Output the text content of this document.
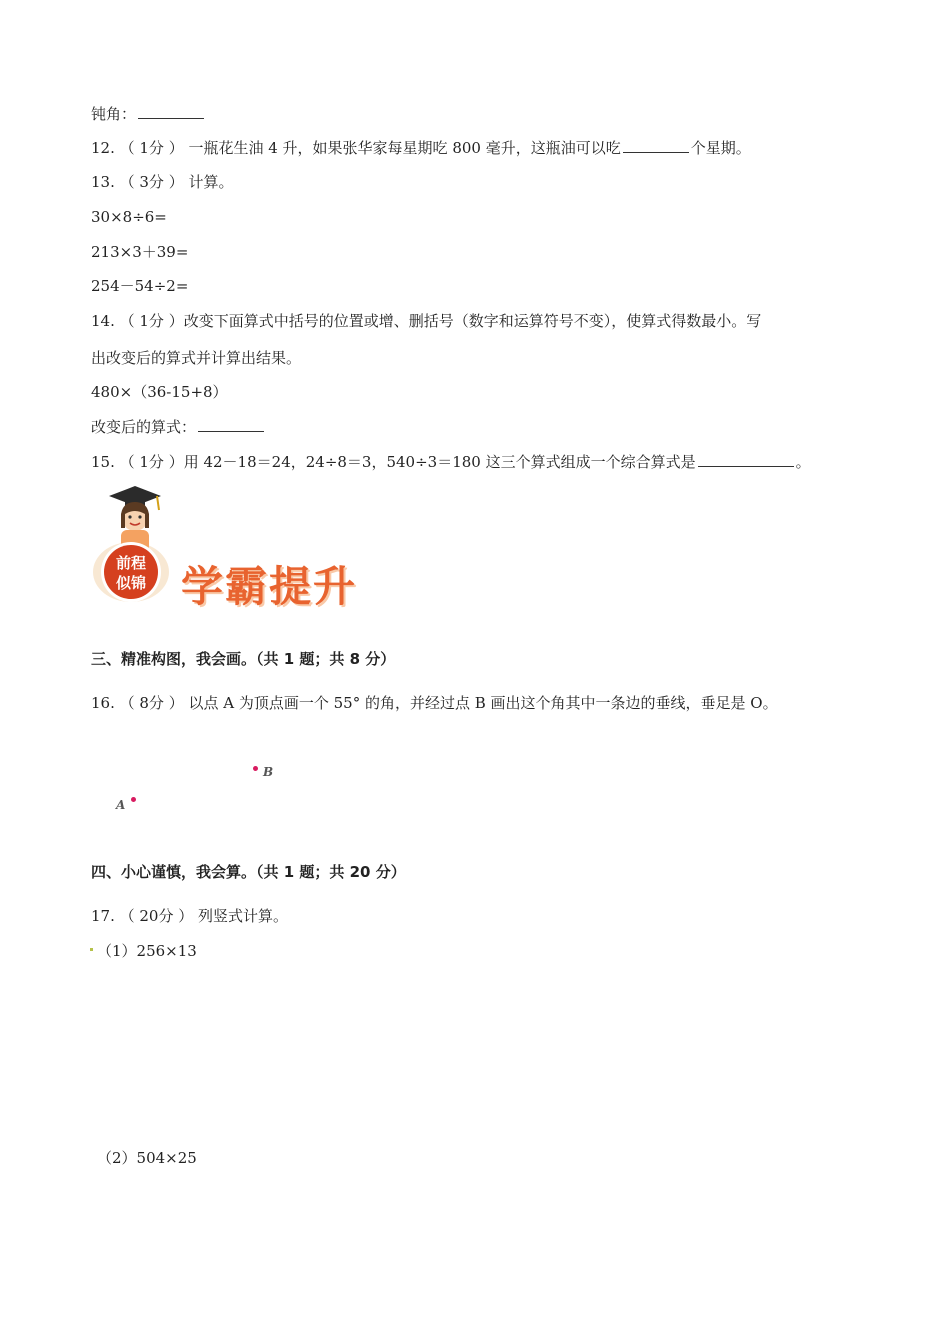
钝角：
12. （ 1分 ） 一瓶花生油 4 升，如果张华家每星期吃 800 毫升，这瓶油可以吃	个星期。
13. （ 3分 ） 计算。
30×8÷6=
213×3＋39=
254－54÷2=
14. （ 1分 ）改变下面算式中括号的位置或增、删括号（数字和运算符号不变），使算式得数最小。写
出改变后的算式并计算出结果。
480×（36-15+8）
改变后的算式：
15. （ 1分 ）用 42－18＝24，24÷8＝3，540÷3＝180 这三个算式组成一个综合算式是	。
前程
似锦 学霸提升
三、精准构图，我会画。（共 1 题；共 8 分）
16. （ 8分 ） 以点 A 为顶点画一个 55° 的角，并经过点 B 画出这个角其中一条边的垂线，垂足是 O。
B
A
四、小心谨慎，我会算。（共 1 题；共 20 分）
17. （ 20分 ） 列竖式计算。
（1）256×13
（2）504×25
